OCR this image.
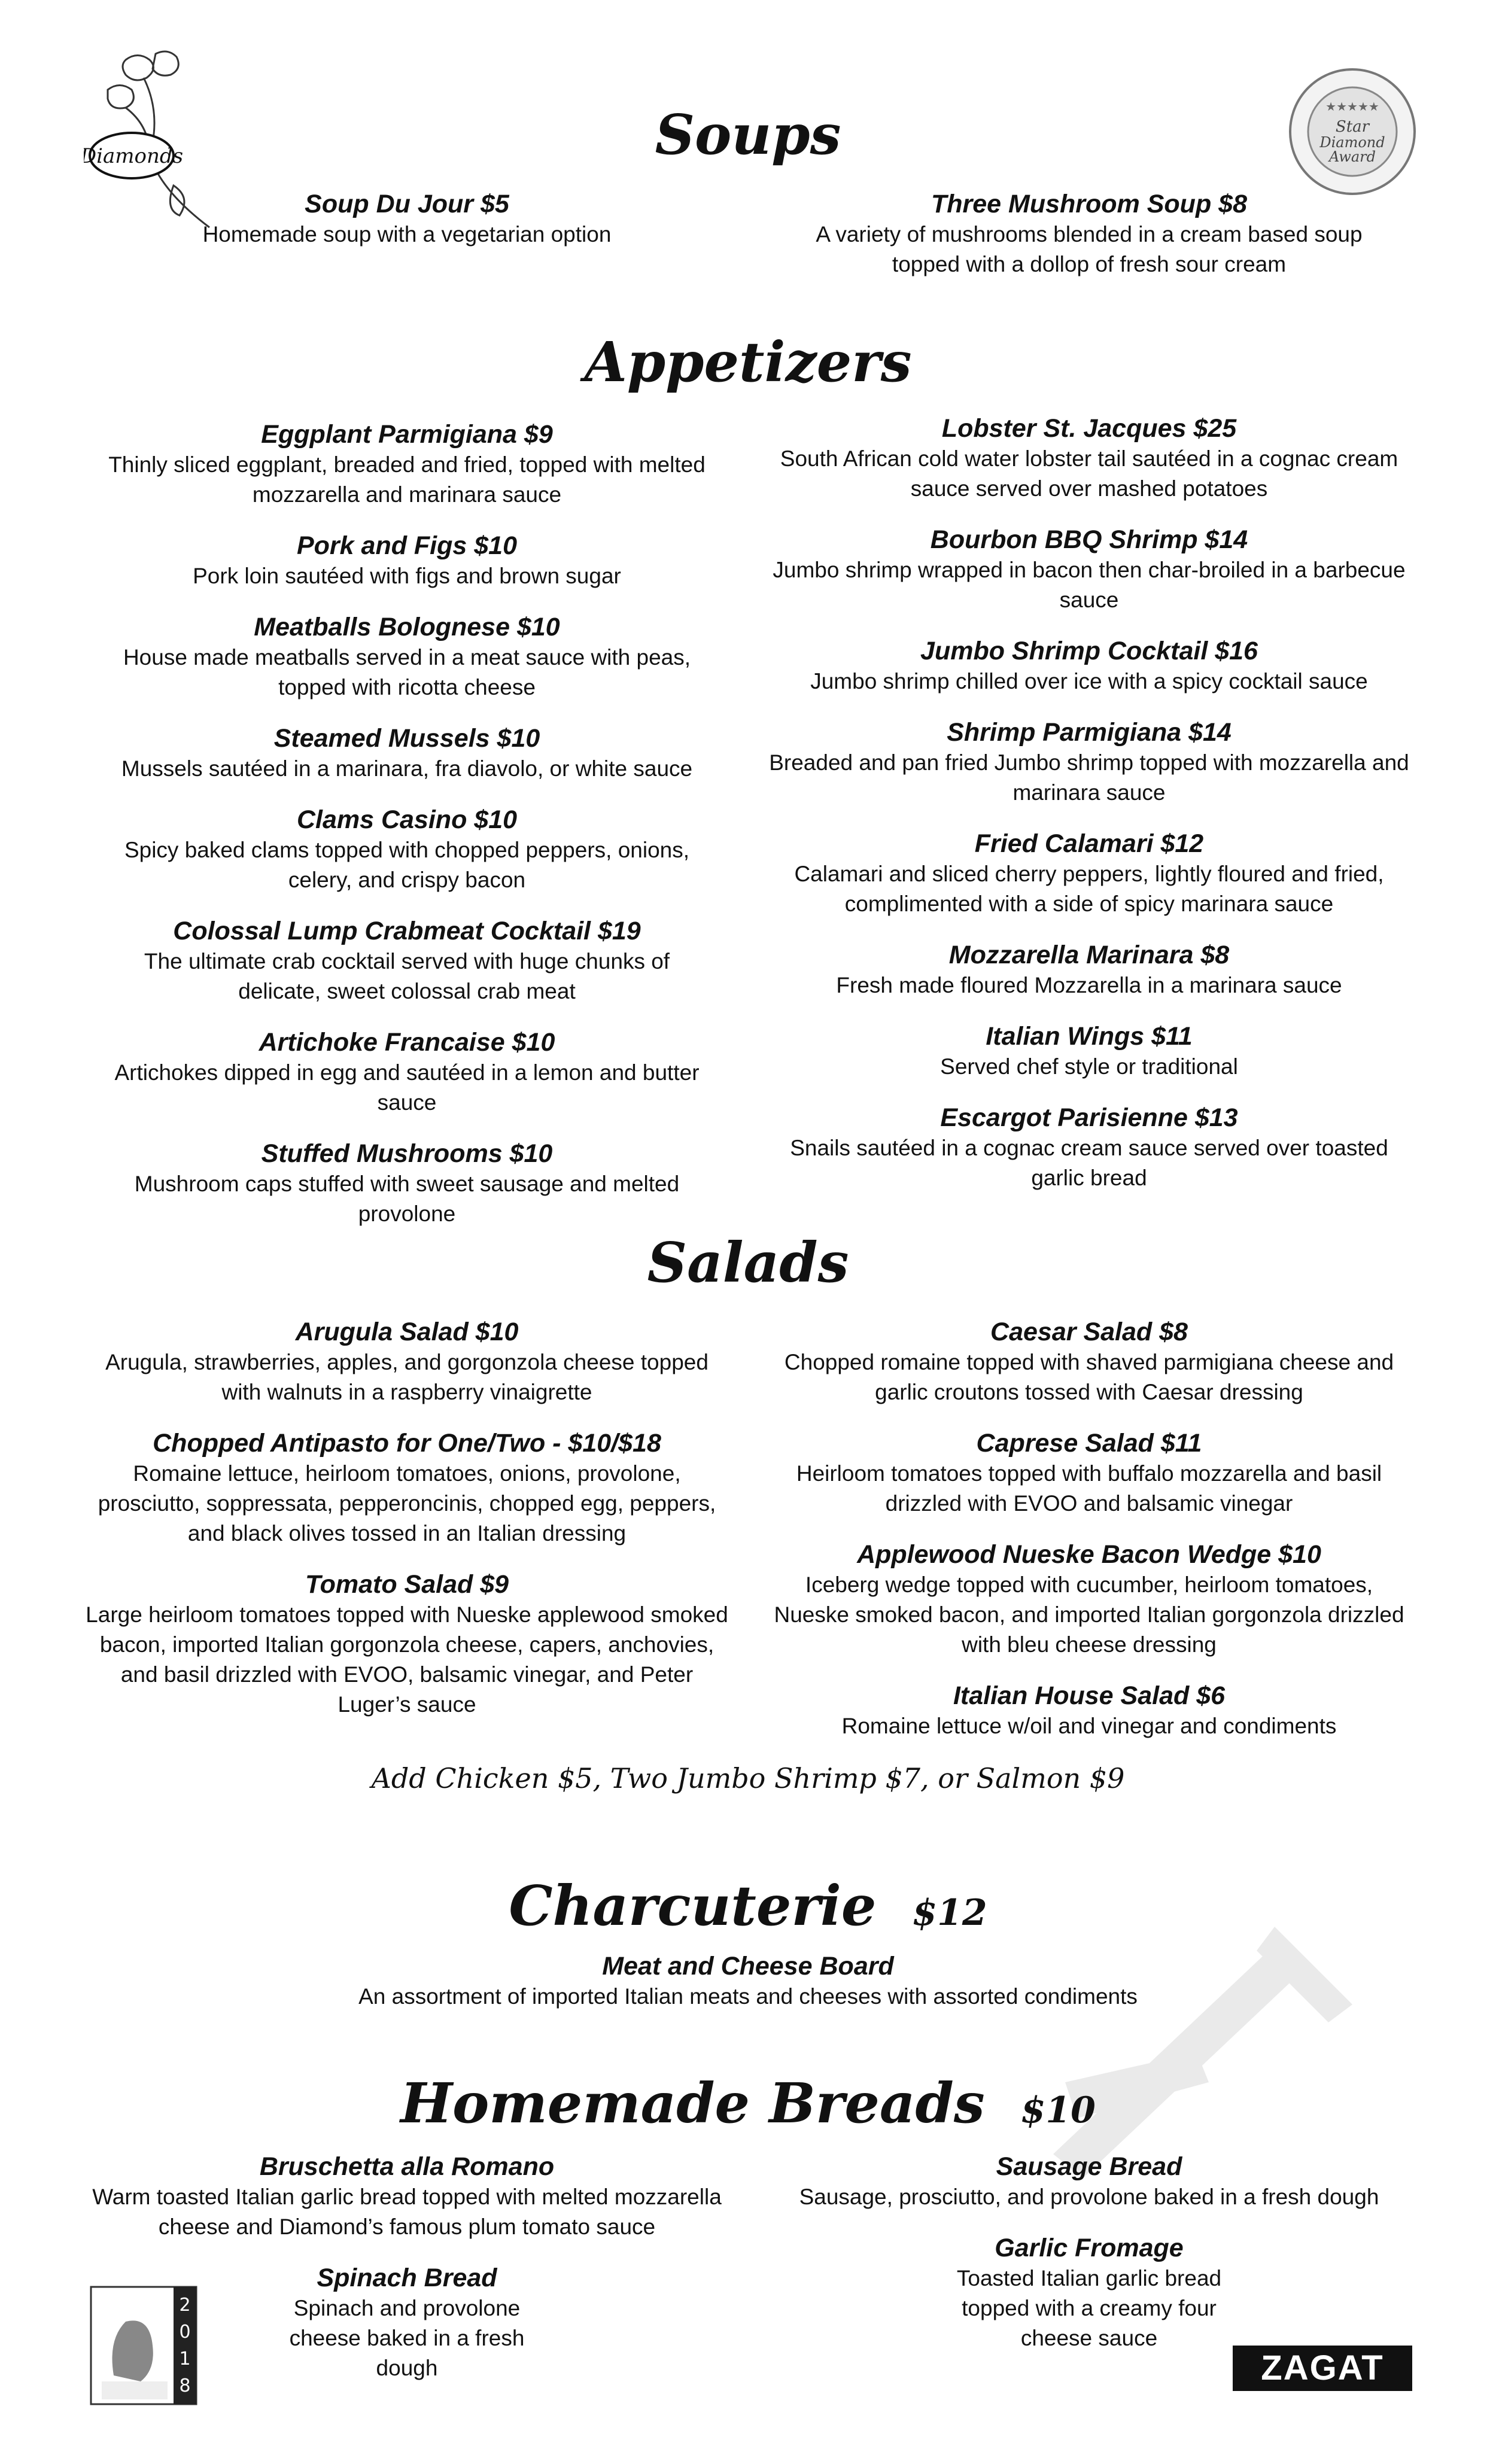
Diamonds
★★★★★
Star
Diamond
Award
Soups
Soup Du Jour $5
Homemade soup with a vegetarian option
Three Mushroom Soup $8
A variety of mushrooms blended in a cream based soup topped with a dollop of fresh sour cream
Appetizers
Eggplant Parmigiana $9
Thinly sliced eggplant, breaded and fried, topped with melted mozzarella and marinara sauce
Pork and Figs $10
Pork loin sautéed with figs and brown sugar
Meatballs Bolognese $10
House made meatballs served in a meat sauce with peas, topped with ricotta cheese
Steamed Mussels $10
Mussels sautéed in a marinara, fra diavolo, or white sauce
Clams Casino $10
Spicy baked clams topped with chopped peppers, onions, celery, and crispy bacon
Colossal Lump Crabmeat Cocktail $19
The ultimate crab cocktail served with huge chunks of delicate, sweet colossal crab meat
Artichoke Francaise $10
Artichokes dipped in egg and sautéed in a lemon and butter sauce
Stuffed Mushrooms $10
Mushroom caps stuffed with sweet sausage and melted provolone
Lobster St. Jacques $25
South African cold water lobster tail sautéed in a cognac cream sauce served over mashed potatoes
Bourbon BBQ Shrimp $14
Jumbo shrimp wrapped in bacon then char-broiled in a barbecue sauce
Jumbo Shrimp Cocktail $16
Jumbo shrimp chilled over ice with a spicy cocktail sauce
Shrimp Parmigiana $14
Breaded and pan fried Jumbo shrimp topped with mozzarella and marinara sauce
Fried Calamari $12
Calamari and sliced cherry peppers, lightly floured and fried, complimented with a side of spicy marinara sauce
Mozzarella Marinara $8
Fresh made floured Mozzarella in a marinara sauce
Italian Wings $11
Served chef style or traditional
Escargot Parisienne $13
Snails sautéed in a cognac cream sauce served over toasted garlic bread
Salads
Arugula Salad $10
Arugula, strawberries, apples, and gorgonzola cheese topped with walnuts in a raspberry vinaigrette
Chopped Antipasto for One/Two - $10/$18
Romaine lettuce, heirloom tomatoes, onions, provolone, prosciutto, soppressata, pepperoncinis, chopped egg, peppers, and black olives tossed in an Italian dressing
Tomato Salad $9
Large heirloom tomatoes topped with Nueske applewood smoked bacon, imported Italian gorgonzola cheese, capers, anchovies, and basil drizzled with EVOO, balsamic vinegar, and Peter Luger’s sauce
Caesar Salad $8
Chopped romaine topped with shaved parmigiana cheese and garlic croutons tossed with Caesar dressing
Caprese Salad $11
Heirloom tomatoes topped with buffalo mozzarella and basil drizzled with EVOO and balsamic vinegar
Applewood Nueske Bacon Wedge $10
Iceberg wedge topped with cucumber, heirloom tomatoes, Nueske smoked bacon, and imported Italian gorgonzola drizzled with bleu cheese dressing
Italian House Salad $6
Romaine lettuce w/oil and vinegar and condiments
Add Chicken $5, Two Jumbo Shrimp $7, or Salmon $9
Charcuterie $12
Meat and Cheese Board
An assortment of imported Italian meats and cheeses with assorted condiments
Homemade Breads $10
Bruschetta alla Romano
Warm toasted Italian garlic bread topped with melted mozzarella cheese and Diamond’s famous plum tomato sauce
Spinach Bread
Spinach and provolone cheese baked in a fresh dough
Sausage Bread
Sausage, prosciutto, and provolone baked in a fresh dough
Garlic Fromage
Toasted Italian garlic bread topped with a creamy four cheese sauce
2018	ZAGAT
